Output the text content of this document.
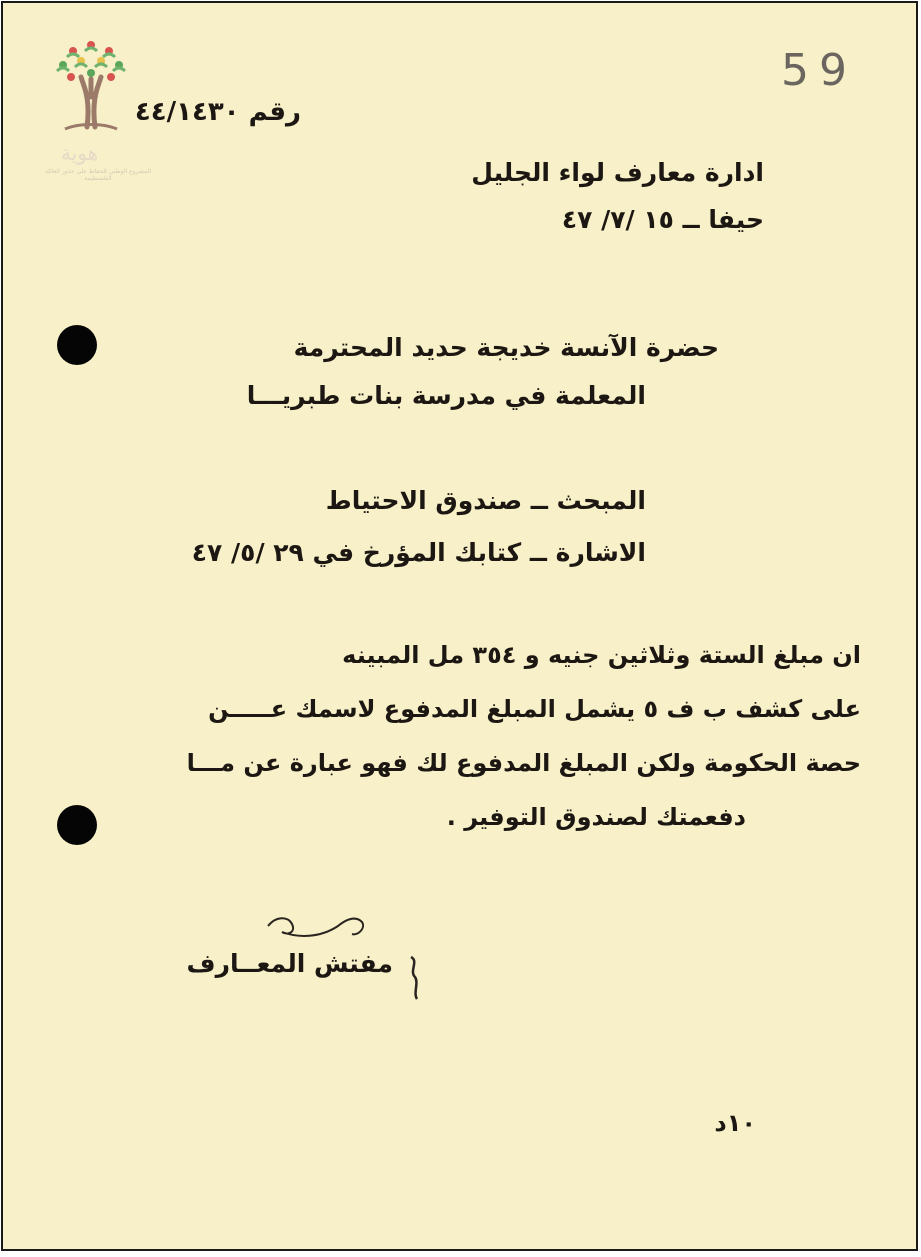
هوية
المشروع الوطني للحفاظ على جذور العائلة الفلسطينية
59
رقم ٤٤/١٤٣٠
ادارة معارف لواء الجليل
حيفا ــ ١٥ /٧/ ٤٧
حضرة الآنسة خديجة حديد المحترمة
المعلمة في مدرسة بنات طبريـــا
المبحث ــ صندوق الاحتياط
الاشارة ــ كتابك المؤرخ في ٢٩ /٥/ ٤٧
ان مبلغ الستة وثلاثين جنيه و ٣٥٤ مل المبينه
على كشف ب ف ٥ يشمل المبلغ المدفوع لاسمك عـــــن
حصة الحكومة ولكن المبلغ المدفوع لك فهو عبارة عن مـــا
دفعمتك لصندوق التوفير .
مفتش المعــارف
١٠د
